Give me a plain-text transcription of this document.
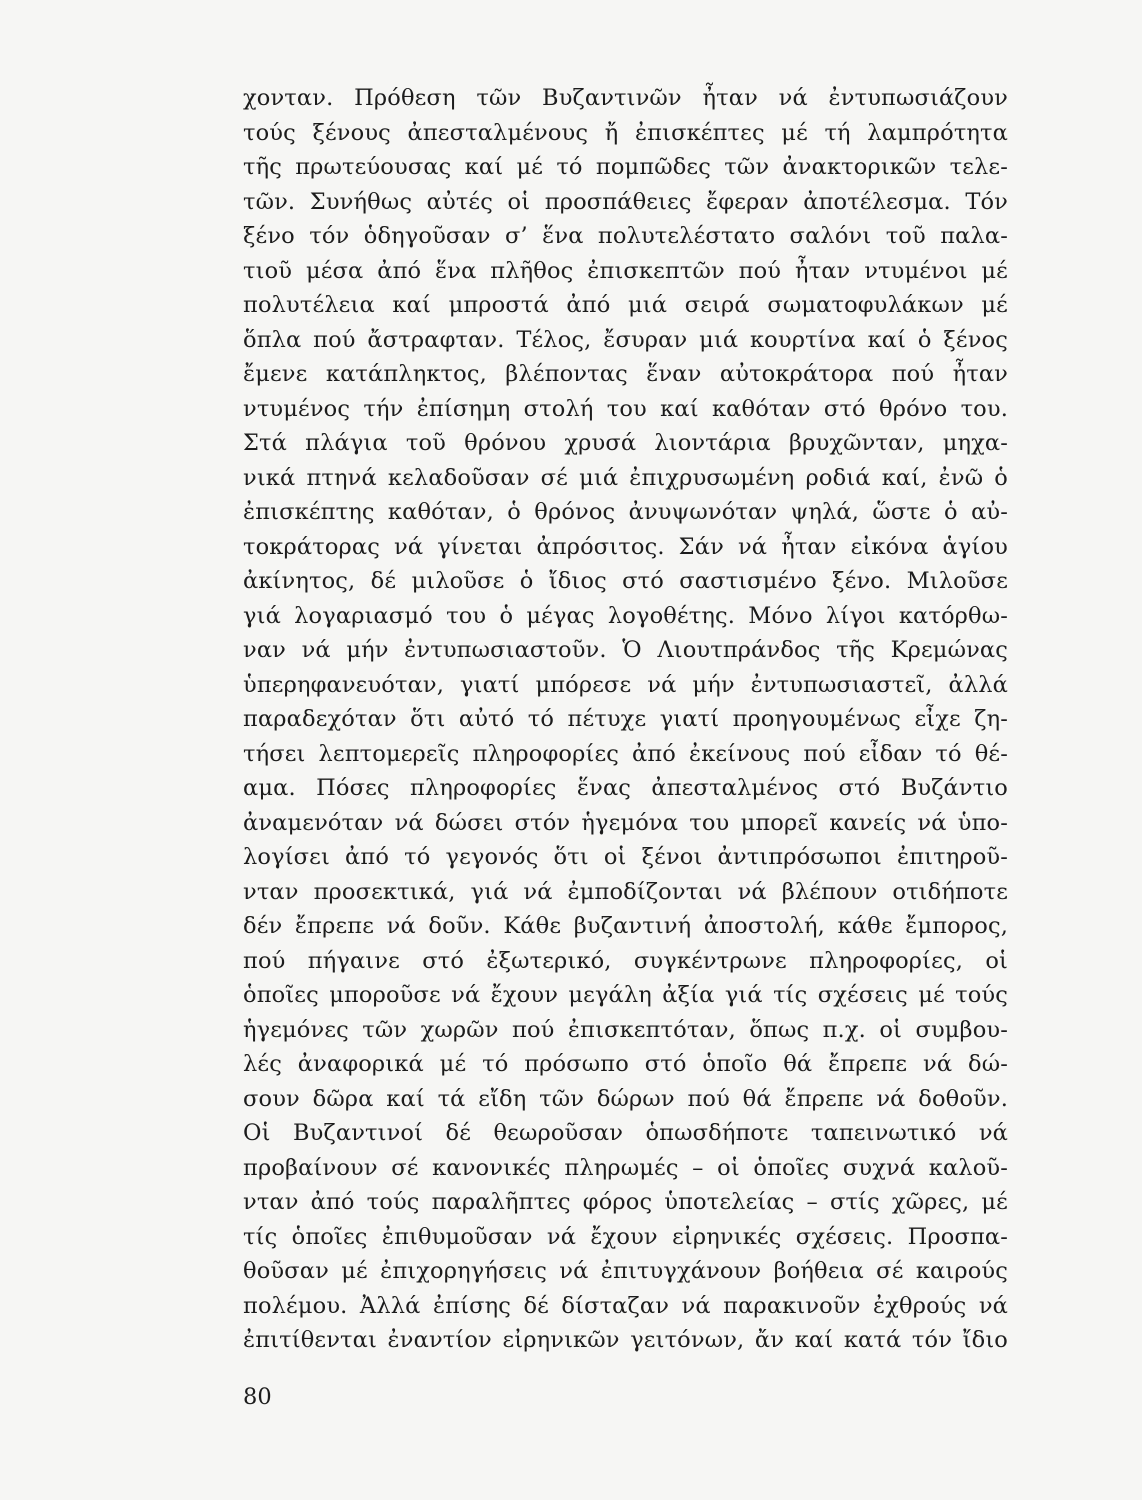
χονταν. Πρόθεση τῶν Βυζαντινῶν ἦταν νά ἐντυπωσιάζουν
τούς ξένους ἀπεσταλμένους ἤ ἐπισκέπτες μέ τή λαμπρότητα
τῆς πρωτεύουσας καί μέ τό πομπῶδες τῶν ἀνακτορικῶν τελε-
τῶν. Συνήθως αὐτές οἱ προσπάθειες ἔφεραν ἀποτέλεσμα. Τόν
ξένο τόν ὁδηγοῦσαν σ’ ἕνα πολυτελέστατο σαλόνι τοῦ παλα-
τιοῦ μέσα ἀπό ἕνα πλῆθος ἐπισκεπτῶν πού ἦταν ντυμένοι μέ
πολυτέλεια καί μπροστά ἀπό μιά σειρά σωματοφυλάκων μέ
ὅπλα πού ἄστραφταν. Τέλος, ἔσυραν μιά κουρτίνα καί ὁ ξένος
ἔμενε κατάπληκτος, βλέποντας ἕναν αὐτοκράτορα πού ἦταν
ντυμένος τήν ἐπίσημη στολή του καί καθόταν στό θρόνο του.
Στά πλάγια τοῦ θρόνου χρυσά λιοντάρια βρυχῶνταν, μηχα-
νικά πτηνά κελαδοῦσαν σέ μιά ἐπιχρυσωμένη ροδιά καί, ἐνῶ ὁ
ἐπισκέπτης καθόταν, ὁ θρόνος ἀνυψωνόταν ψηλά, ὥστε ὁ αὐ-
τοκράτορας νά γίνεται ἀπρόσιτος. Σάν νά ἦταν εἰκόνα ἁγίου
ἀκίνητος, δέ μιλοῦσε ὁ ἴδιος στό σαστισμένο ξένο. Μιλοῦσε
γιά λογαριασμό του ὁ μέγας λογοθέτης. Μόνο λίγοι κατόρθω-
ναν νά μήν ἐντυπωσιαστοῦν. Ὁ Λιουτπράνδος τῆς Κρεμώνας
ὑπερηφανευόταν, γιατί μπόρεσε νά μήν ἐντυπωσιαστεῖ, ἀλλά
παραδεχόταν ὅτι αὐτό τό πέτυχε γιατί προηγουμένως εἶχε ζη-
τήσει λεπτομερεῖς πληροφορίες ἀπό ἐκείνους πού εἶδαν τό θέ-
αμα. Πόσες πληροφορίες ἕνας ἀπεσταλμένος στό Βυζάντιο
ἀναμενόταν νά δώσει στόν ἡγεμόνα του μπορεῖ κανείς νά ὑπο-
λογίσει ἀπό τό γεγονός ὅτι οἱ ξένοι ἀντιπρόσωποι ἐπιτηροῦ-
νταν προσεκτικά, γιά νά ἐμποδίζονται νά βλέπουν οτιδήποτε
δέν ἔπρεπε νά δοῦν. Κάθε βυζαντινή ἀποστολή, κάθε ἔμπορος,
πού πήγαινε στό ἐξωτερικό, συγκέντρωνε πληροφορίες, οἱ
ὁποῖες μποροῦσε νά ἔχουν μεγάλη ἀξία γιά τίς σχέσεις μέ τούς
ἡγεμόνες τῶν χωρῶν πού ἐπισκεπτόταν, ὅπως π.χ. οἱ συμβου-
λές ἀναφορικά μέ τό πρόσωπο στό ὁποῖο θά ἔπρεπε νά δώ-
σουν δῶρα καί τά εἴδη τῶν δώρων πού θά ἔπρεπε νά δοθοῦν.
Οἱ Βυζαντινοί δέ θεωροῦσαν ὁπωσδήποτε ταπεινωτικό νά
προβαίνουν σέ κανονικές πληρωμές – οἱ ὁποῖες συχνά καλοῦ-
νταν ἀπό τούς παραλῆπτες φόρος ὑποτελείας – στίς χῶρες, μέ
τίς ὁποῖες ἐπιθυμοῦσαν νά ἔχουν εἰρηνικές σχέσεις. Προσπα-
θοῦσαν μέ ἐπιχορηγήσεις νά ἐπιτυγχάνουν βοήθεια σέ καιρούς
πολέμου. Ἀλλά ἐπίσης δέ δίσταζαν νά παρακινοῦν ἐχθρούς νά
ἐπιτίθενται ἐναντίον εἰρηνικῶν γειτόνων, ἄν καί κατά τόν ἴδιο
80
